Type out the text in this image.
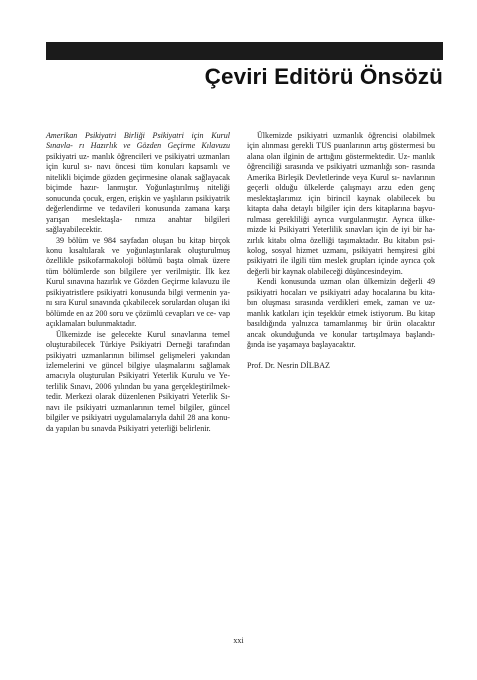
Çeviri Editörü Önsözü

Amerikan Psikiyatri Birliği Psikiyatri için Kurul Sınavla- rı Hazırlık ve Gözden Geçirme Kılavuzu psikiyatri uz- manlık öğrencileri ve psikiyatri uzmanları için kurul sı- navı öncesi tüm konuları kapsamlı ve nitelikli biçimde gözden geçirmesine olanak sağlayacak biçimde hazır- lanmıştır. Yoğunlaştırılmış niteliği sonucunda çocuk, ergen, erişkin ve yaşlıların psikiyatrik değerlendirme ve tedavileri konusunda zamana karşı yarışan meslektaşla- rımıza anahtar bilgileri sağlayabilecektir.

39 bölüm ve 984 sayfadan oluşan bu kitap birçok konu kısaltılarak ve yoğunlaştırılarak oluşturulmuş özellikle psikofarmakoloji bölümü başta olmak üzere tüm bölümlerde son bilgilere yer verilmiştir. İlk kez Kurul sınavına hazırlık ve Gözden Geçirme kılavuzu ile psikiyatristlere psikiyatri konusunda bilgi vermenin ya- nı sıra Kurul sınavında çıkabilecek sorulardan oluşan iki bölümde en az 200 soru ve çözümlü cevapları ve ce- vap açıklamaları bulunmaktadır.

Ülkemizde ise gelecekte Kurul sınavlarına temel oluşturabilecek Türkiye Psikiyatri Derneği tarafından psikiyatri uzmanlarının bilimsel gelişmeleri yakından izlemelerini ve güncel bilgiye ulaşmalarını sağlamak amacıyla oluşturulan Psikiyatri Yeterlik Kurulu ve Ye- terlilik Sınavı, 2006 yılından bu yana gerçekleştirilmek- tedir. Merkezi olarak düzenlenen Psikiyatri Yeterlik Sı- navı ile psikiyatri uzmanlarının temel bilgiler, güncel bilgiler ve psikiyatri uygulamalarıyla dahil 28 ana konu- da yapılan bu sınavda Psikiyatri yeterliği belirlenir.

Ülkemizde psikiyatri uzmanlık öğrencisi olabilmek için alınması gerekli TUS puanlarının artış göstermesi bu alana olan ilginin de arttığını göstermektedir. Uz- manlık öğrenciliği sırasında ve psikiyatri uzmanlığı son- rasında Amerika Birleşik Devletlerinde veya Kurul sı- navlarının geçerli olduğu ülkelerde çalışmayı arzu eden genç meslektaşlarımız için birincil kaynak olabilecek bu kitapta daha detaylı bilgiler için ders kitaplarına başvu- rulması gerekliliği ayrıca vurgulanmıştır. Ayrıca ülke- mizde ki Psikiyatri Yeterlilik sınavları için de iyi bir ha- zırlık kitabı olma özelliği taşımaktadır. Bu kitabın psi- kolog, sosyal hizmet uzmanı, psikiyatri hemşiresi gibi psikiyatri ile ilgili tüm meslek grupları içinde ayrıca çok değerli bir kaynak olabileceği düşüncesindeyim.

Kendi konusunda uzman olan ülkemizin değerli 49 psikiyatri hocaları ve psikiyatri aday hocalarına bu kita- bın oluşması sırasında verdikleri emek, zaman ve uz- manlık katkıları için teşekkür etmek istiyorum. Bu kitap basıldığında yalnızca tamamlanmış bir ürün olacaktır ancak okunduğunda ve konular tartışılmaya başlandı- ğında ise yaşamaya başlayacaktır.

Prof. Dr. Nesrin DİLBAZ

xxi
